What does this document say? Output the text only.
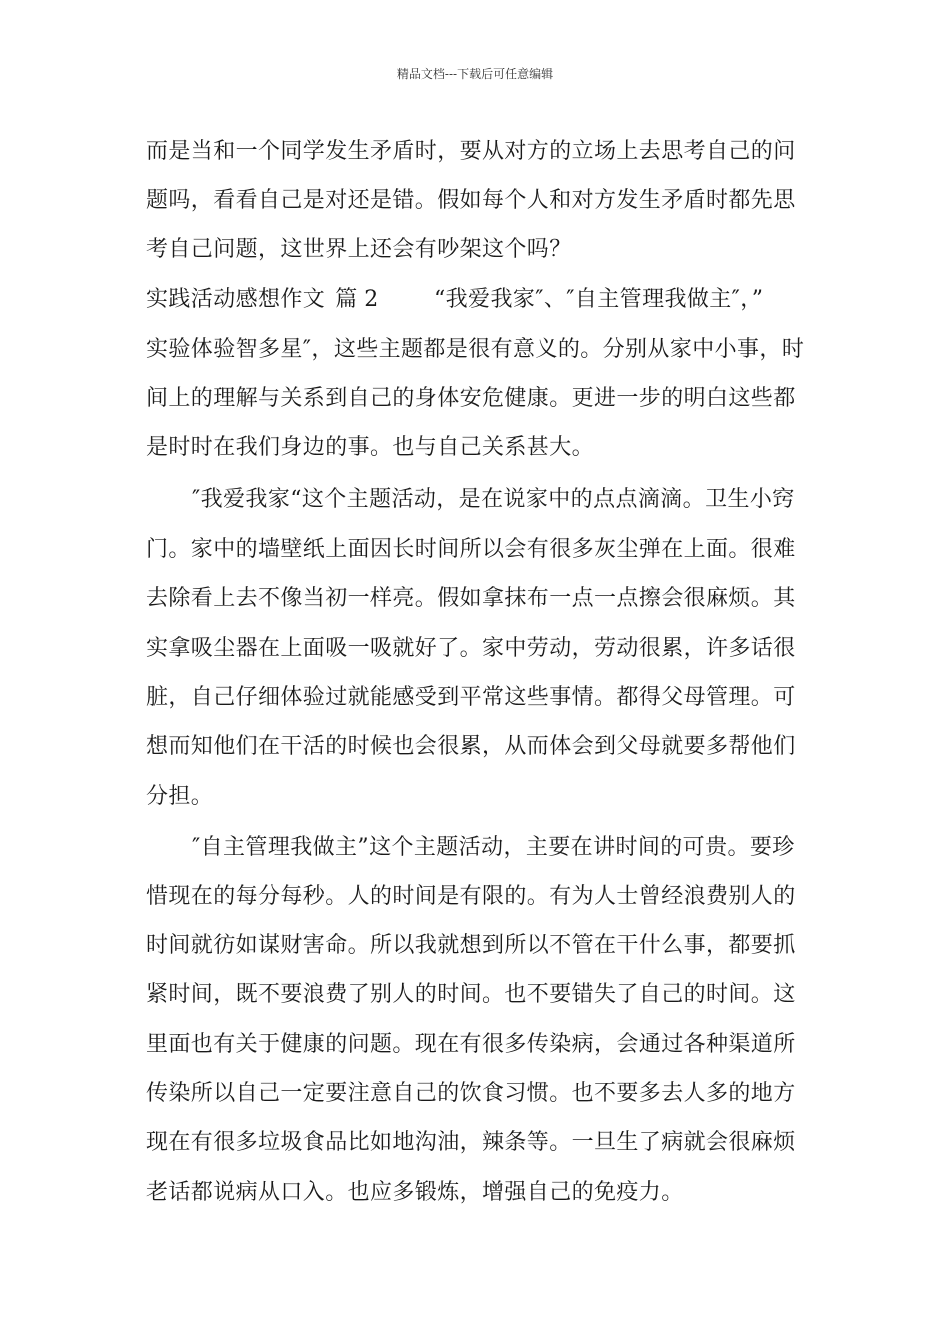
精品文档---下载后可任意编辑
而是当和一个同学发生矛盾时，要从对方的立场上去思考自己的问
题吗，看看自己是对还是错。假如每个人和对方发生矛盾时都先思
考自己问题，这世界上还会有吵架这个吗？
实践活动感想作文 篇 2	“我爱我家″、″自主管理我做主″，”
实验体验智多星″，这些主题都是很有意义的。分别从家中小事，时
间上的理解与关系到自己的身体安危健康。更进一步的明白这些都
是时时在我们身边的事。也与自己关系甚大。
″我爱我家“这个主题活动，是在说家中的点点滴滴。卫生小窍
门。家中的墙壁纸上面因长时间所以会有很多灰尘弹在上面。很难
去除看上去不像当初一样亮。假如拿抹布一点一点擦会很麻烦。其
实拿吸尘器在上面吸一吸就好了。家中劳动，劳动很累，许多话很
脏，自己仔细体验过就能感受到平常这些事情。都得父母管理。可
想而知他们在干活的时候也会很累，从而体会到父母就要多帮他们
分担。
″自主管理我做主”这个主题活动，主要在讲时间的可贵。要珍
惜现在的每分每秒。人的时间是有限的。有为人士曾经浪费别人的
时间就彷如谋财害命。所以我就想到所以不管在干什么事，都要抓
紧时间，既不要浪费了别人的时间。也不要错失了自己的时间。这
里面也有关于健康的问题。现在有很多传染病，会通过各种渠道所
传染所以自己一定要注意自己的饮食习惯。也不要多去人多的地方
现在有很多垃圾食品比如地沟油，辣条等。一旦生了病就会很麻烦
老话都说病从口入。也应多锻炼，增强自己的免疫力。
